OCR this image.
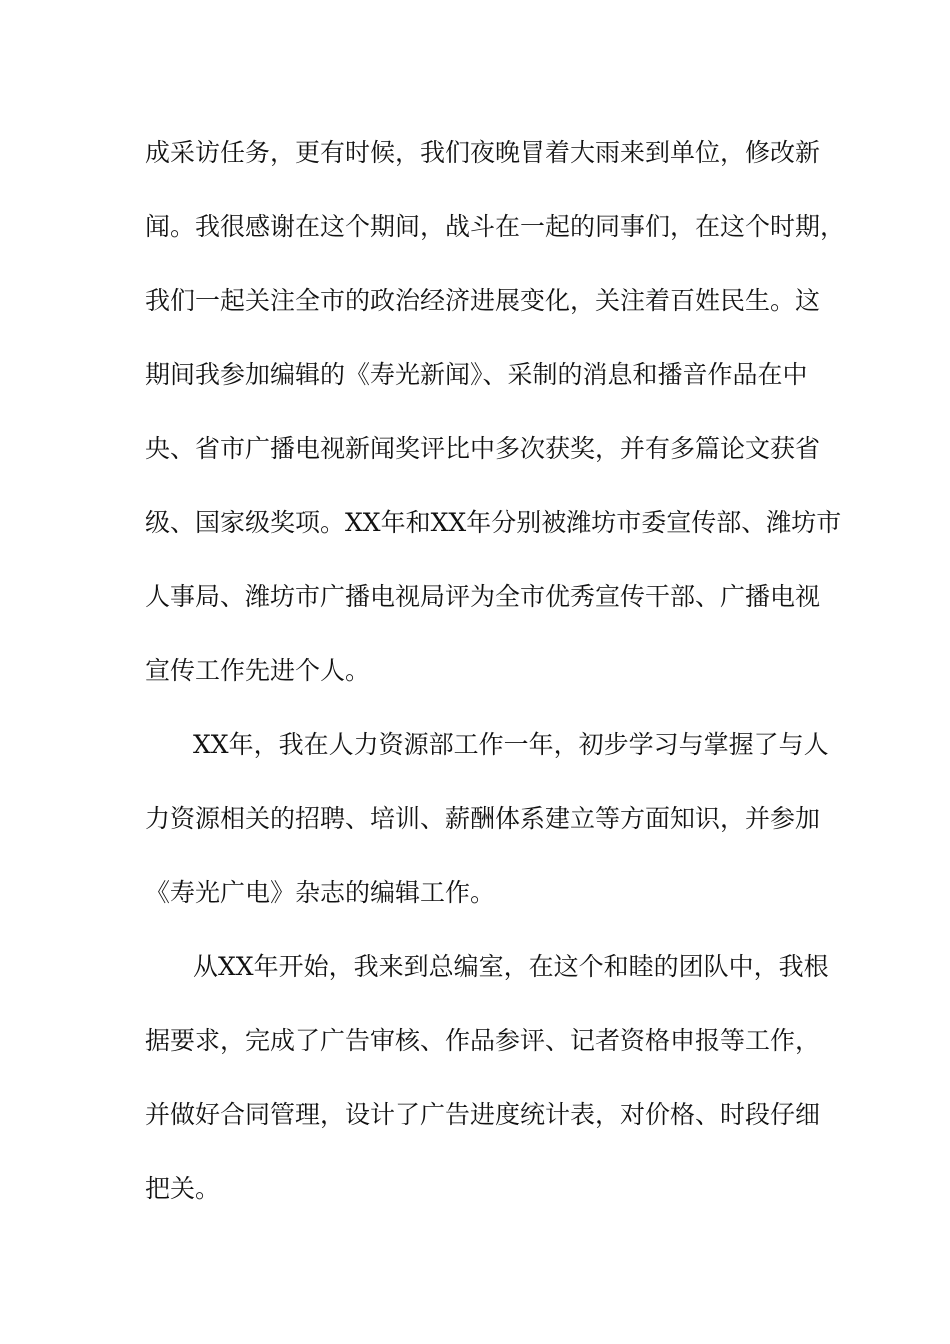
成采访任务，更有时候，我们夜晚冒着大雨来到单位，修改新

闻。我很感谢在这个期间，战斗在一起的同事们，在这个时期，

我们一起关注全市的政治经济进展变化，关注着百姓民生。这

期间我参加编辑的《寿光新闻》、采制的消息和播音作品在中

央、省市广播电视新闻奖评比中多次获奖，并有多篇论文获省

级、国家级奖项。XX年和XX年分别被潍坊市委宣传部、潍坊市

人事局、潍坊市广播电视局评为全市优秀宣传干部、广播电视

宣传工作先进个人。

XX年，我在人力资源部工作一年，初步学习与掌握了与人

力资源相关的招聘、培训、薪酬体系建立等方面知识，并参加

《寿光广电》杂志的编辑工作。

从XX年开始，我来到总编室，在这个和睦的团队中，我根

据要求，完成了广告审核、作品参评、记者资格申报等工作，

并做好合同管理，设计了广告进度统计表，对价格、时段仔细

把关。
